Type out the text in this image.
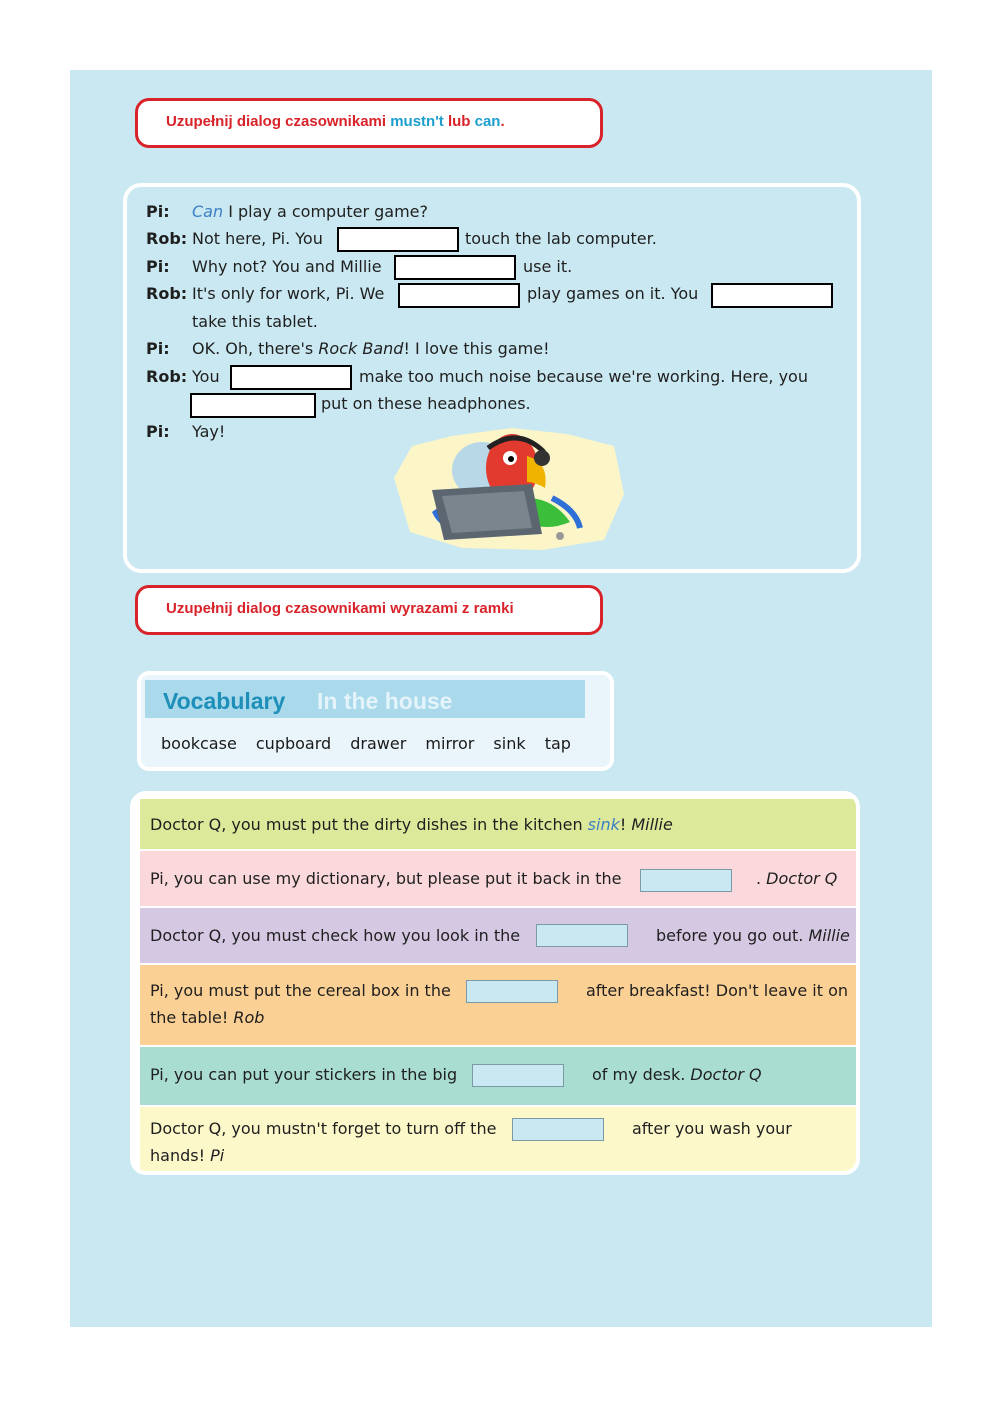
Uzupełnij dialog czasownikami mustn't lub can.
Pi: Can I play a computer game?
Rob: Not here, Pi. You	touch the lab computer.
Pi: Why not? You and Millie	use it.
Rob: It's only for work, Pi. We	play games on it. You
take this tablet.
Pi: OK. Oh, there's Rock Band! I love this game!
Rob: You	make too much noise because we're working. Here, you
put on these headphones.
Pi: Yay!
Uzupełnij dialog czasownikami wyrazami z ramki
Vocabulary In the house
bookcase cupboard drawer mirror sink tap
Doctor Q, you must put the dirty dishes in the kitchen sink! Millie
Pi, you can use my dictionary, but please put it back in the	. Doctor Q
Doctor Q, you must check how you look in the	before you go out. Millie
Pi, you must put the cereal box in the	after breakfast! Don't leave it on
the table! Rob
Pi, you can put your stickers in the big	of my desk. Doctor Q
Doctor Q, you mustn't forget to turn off the	after you wash your
hands! Pi
